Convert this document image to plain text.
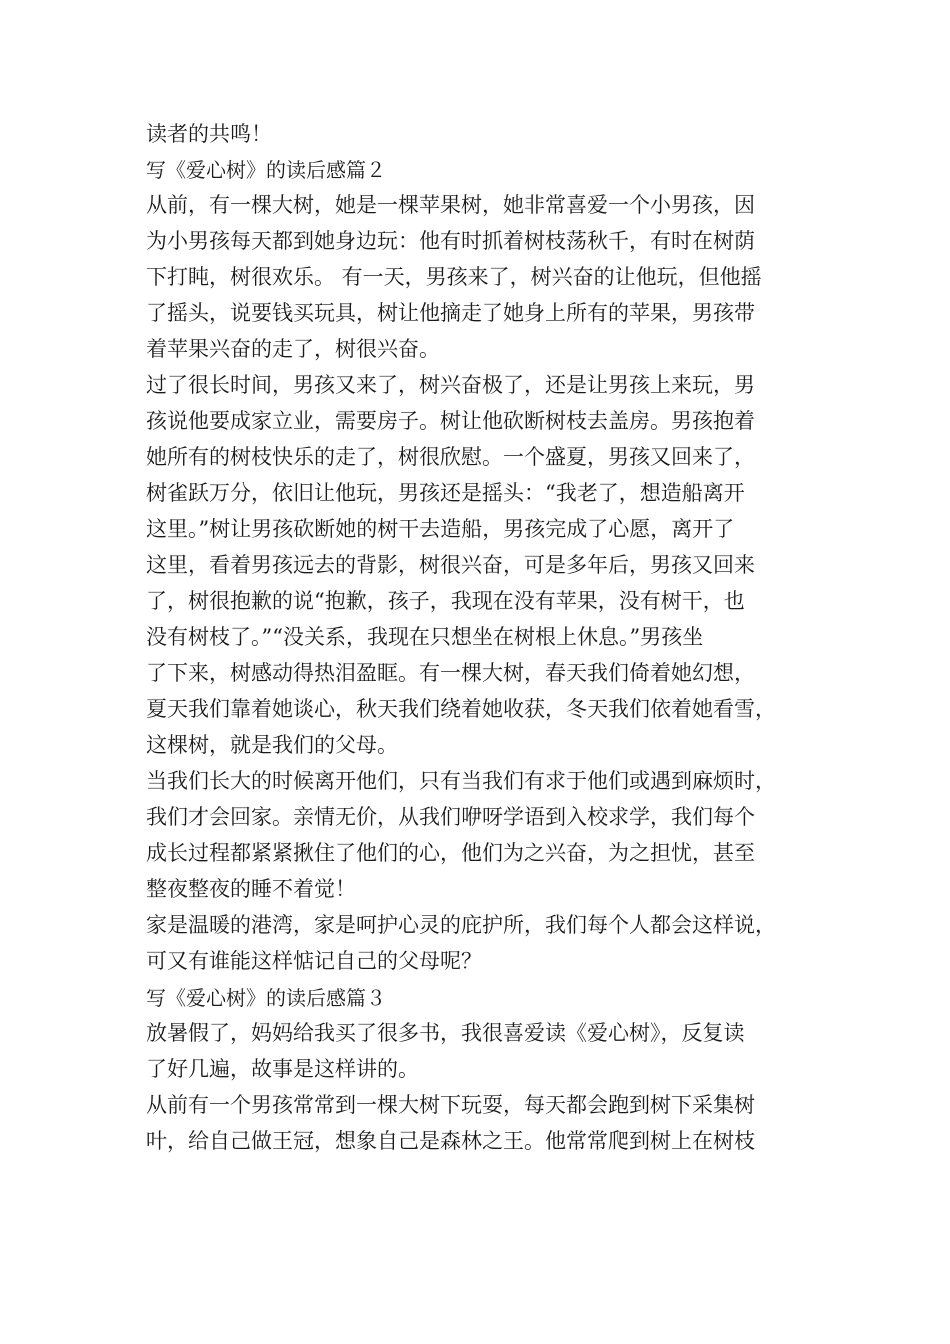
读者的共鸣！
写《爱心树》的读后感篇２
从前，有一棵大树，她是一棵苹果树，她非常喜爱一个小男孩，因
为小男孩每天都到她身边玩：他有时抓着树枝荡秋千，有时在树荫
下打盹，树很欢乐。 有一天，男孩来了，树兴奋的让他玩，但他摇
了摇头，说要钱买玩具，树让他摘走了她身上所有的苹果，男孩带
着苹果兴奋的走了，树很兴奋。
过了很长时间，男孩又来了，树兴奋极了，还是让男孩上来玩，男
孩说他要成家立业，需要房子。树让他砍断树枝去盖房。男孩抱着
她所有的树枝快乐的走了，树很欣慰。一个盛夏，男孩又回来了，
树雀跃万分，依旧让他玩，男孩还是摇头：“我老了，想造船离开
这里。”树让男孩砍断她的树干去造船，男孩完成了心愿，离开了
这里，看着男孩远去的背影，树很兴奋，可是多年后，男孩又回来
了，树很抱歉的说“抱歉，孩子，我现在没有苹果，没有树干，也
没有树枝了。”“没关系，我现在只想坐在树根上休息。”男孩坐
了下来，树感动得热泪盈眶。有一棵大树，春天我们倚着她幻想，
夏天我们靠着她谈心，秋天我们绕着她收获，冬天我们依着她看雪，
这棵树，就是我们的父母。
当我们长大的时候离开他们，只有当我们有求于他们或遇到麻烦时，
我们才会回家。亲情无价，从我们咿呀学语到入校求学，我们每个
成长过程都紧紧揪住了他们的心，他们为之兴奋，为之担忧，甚至
整夜整夜的睡不着觉！
家是温暖的港湾，家是呵护心灵的庇护所，我们每个人都会这样说，
可又有谁能这样惦记自己的父母呢？
写《爱心树》的读后感篇３
放暑假了，妈妈给我买了很多书，我很喜爱读《爱心树》，反复读
了好几遍，故事是这样讲的。
从前有一个男孩常常到一棵大树下玩耍，每天都会跑到树下采集树
叶，给自己做王冠，想象自己是森林之王。他常常爬到树上在树枝
